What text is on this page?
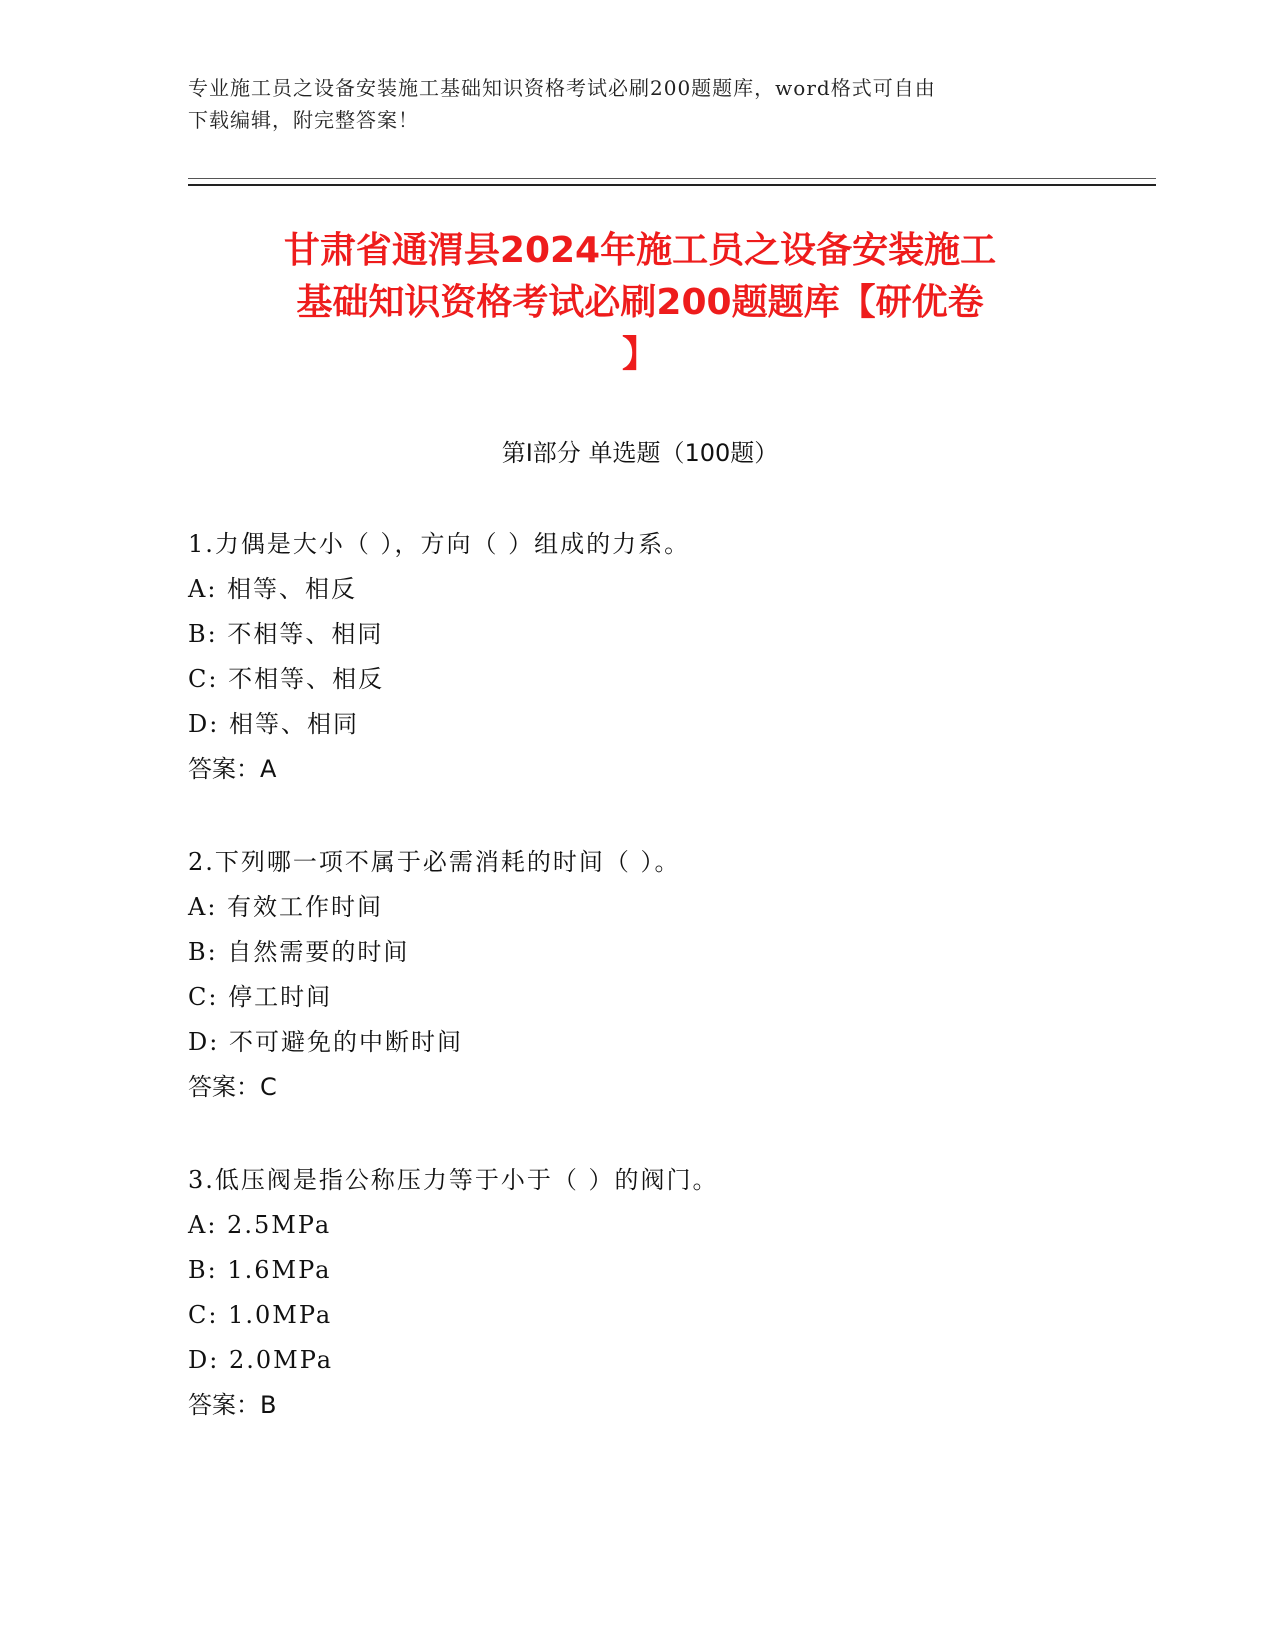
专业施工员之设备安装施工基础知识资格考试必刷200题题库，word格式可自由
下载编辑，附完整答案！
甘肃省通渭县2024年施工员之设备安装施工
基础知识资格考试必刷200题题库【研优卷
】
第Ⅰ部分 单选题（100题）
1.力偶是大小（ ），方向（ ）组成的力系。
A: 相等、相反
B: 不相等、相同
C: 不相等、相反
D: 相等、相同
答案：A
2.下列哪一项不属于必需消耗的时间（ ）。
A: 有效工作时间
B: 自然需要的时间
C: 停工时间
D: 不可避免的中断时间
答案：C
3.低压阀是指公称压力等于小于（ ）的阀门。
A: 2.5MPa
B: 1.6MPa
C: 1.0MPa
D: 2.0MPa
答案：B
